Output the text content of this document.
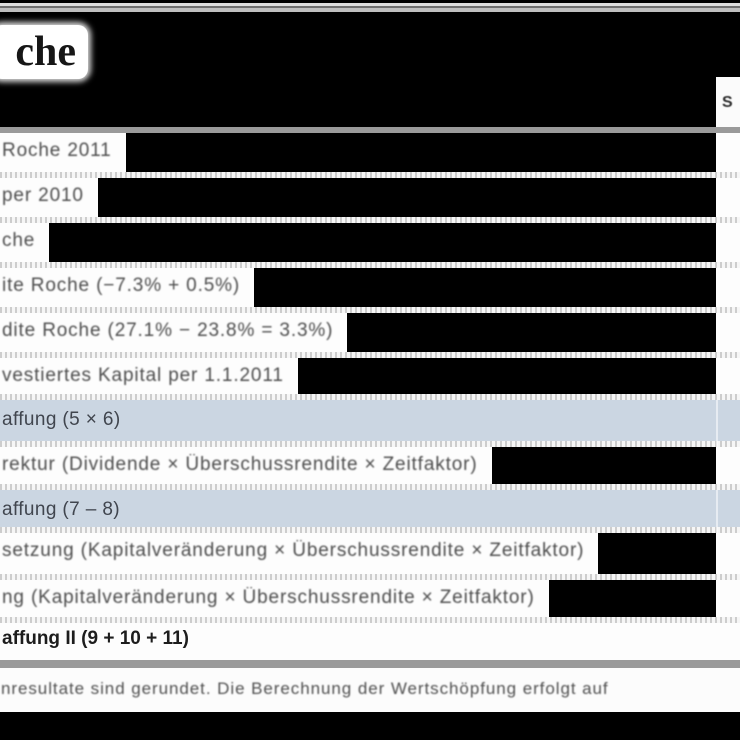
che
S
Roche 2011
per 2010
che
ite Roche (−7.3% + 0.5%)
dite Roche (27.1% − 23.8% = 3.3%)
vestiertes Kapital per 1.1.2011
affung (5 × 6)
rektur (Dividende × Überschussrendite × Zeitfaktor)
affung (7 – 8)
setzung (Kapitalveränderung × Überschussrendite × Zeitfaktor)
ng (Kapitalveränderung × Überschussrendite × Zeitfaktor)
affung II (9 + 10 + 11)
nresultate sind gerundet. Die Berechnung der Wertschöpfung erfolgt auf
